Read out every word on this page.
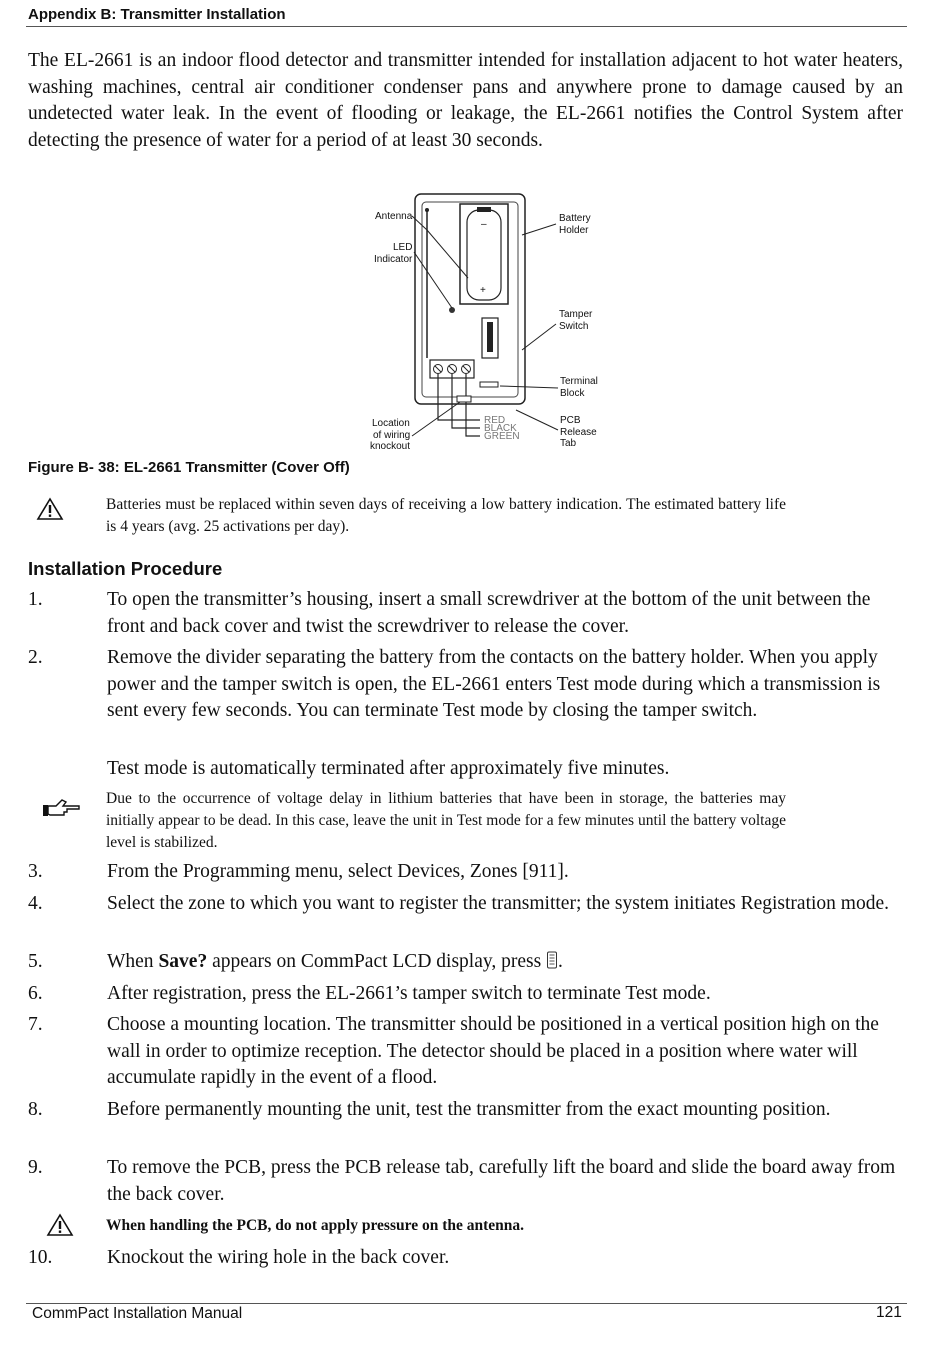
Appendix B: Transmitter Installation
The EL-2661 is an indoor flood detector and transmitter intended for installation adjacent to hot water heaters, washing machines, central air conditioner condenser pans and anywhere prone to damage caused by an undetected water leak. In the event of flooding or leakage, the EL-2661 notifies the Control System after detecting the presence of water for a period of at least 30 seconds.
–
+
RED
BLACK
GREEN
Antenna
LED
Indicator
Battery
Holder
Tamper
Switch
Terminal
Block
PCB
Release
Tab
Location
of wiring
knockout
Figure B- 38: EL-2661 Transmitter (Cover Off)
Batteries must be replaced within seven days of receiving a low battery indication. The estimated battery life is 4 years (avg. 25 activations per day).
Installation Procedure
1.	To open the transmitter’s housing, insert a small screwdriver at the bottom of the unit between the front and back cover and twist the screwdriver to release the cover.
2.	Remove the divider separating the battery from the contacts on the battery holder. When you apply power and the tamper switch is open, the EL-2661 enters Test mode during which a transmission is sent every few seconds. You can terminate Test mode by closing the tamper switch.
Test mode is automatically terminated after approximately five minutes.
Due to the occurrence of voltage delay in lithium batteries that have been in storage, the batteries may initially appear to be dead. In this case, leave the unit in Test mode for a few minutes until the battery voltage level is stabilized.
3.	From the Programming menu, select Devices, Zones [911].
4.	Select the zone to which you want to register the transmitter; the system initiates Registration mode.
5.	When Save? appears on CommPact LCD display, press .
6.	After registration, press the EL-2661’s tamper switch to terminate Test mode.
7.	Choose a mounting location. The transmitter should be positioned in a vertical position high on the wall in order to optimize reception. The detector should be placed in a position where water will accumulate rapidly in the event of a flood.
8.	Before permanently mounting the unit, test the transmitter from the exact mounting position.
9.	To remove the PCB, press the PCB release tab, carefully lift the board and slide the board away from the back cover.
When handling the PCB, do not apply pressure on the antenna.
10.	Knockout the wiring hole in the back cover.
CommPact Installation Manual	121
